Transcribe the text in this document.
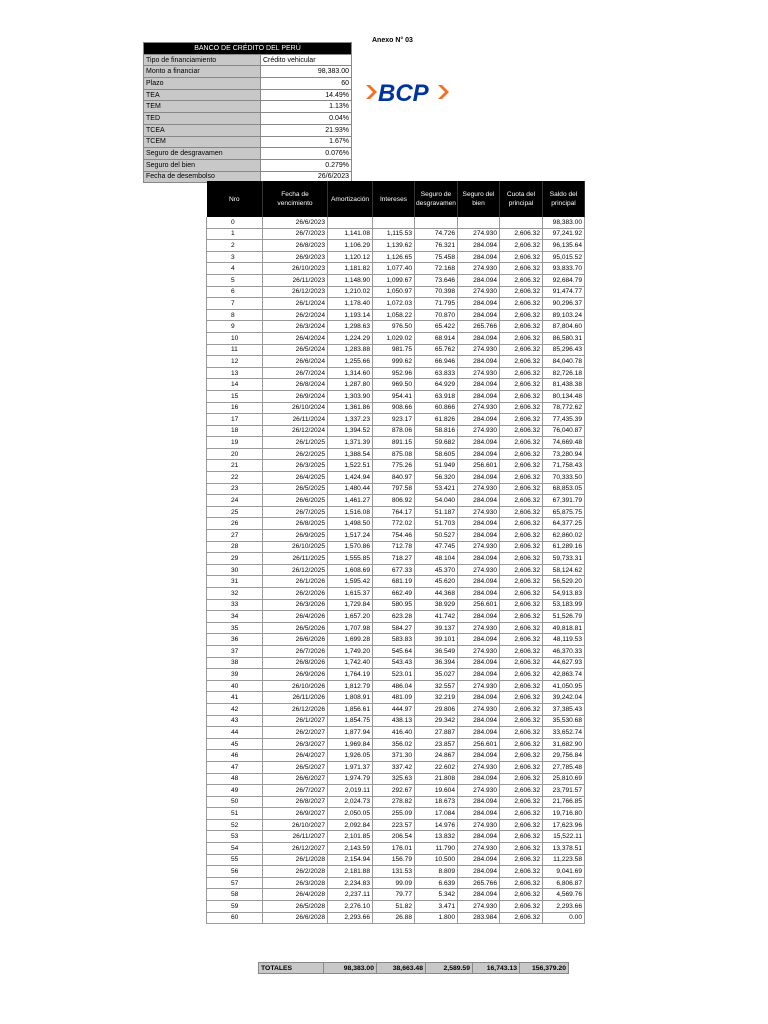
BANCO DE CRÉDITO DEL PERÚ	
Tipo de financiamiento	Crédito vehicular
Monto a financiar	98,383.00
Plazo	60
TEA	14.49%
TEM	1.13%
TED	0.04%
TCEA	21.93%
TCEM	1.67%
Seguro de desgravamen	0.076%
Seguro del bien	0.279%
Fecha de desembolso	26/6/2023
Anexo N° 03
BCP
Nro	Fecha de vencimiento	Amortización	Intereses	Seguro de desgravamen	Seguro del bien	Cuota del principal	Saldo del principal
0	26/6/2023						98,383.00
1	26/7/2023	1,141.08	1,115.53	74.726	274.930	2,606.32	97,241.92
2	26/8/2023	1,106.29	1,139.62	76.321	284.094	2,606.32	96,135.64
3	26/9/2023	1,120.12	1,126.65	75.458	284.094	2,606.32	95,015.52
4	26/10/2023	1,181.82	1,077.40	72.168	274.930	2,606.32	93,833.70
5	26/11/2023	1,148.90	1,099.67	73.646	284.094	2,606.32	92,684.79
6	26/12/2023	1,210.02	1,050.97	70.398	274.930	2,606.32	91,474.77
7	26/1/2024	1,178.40	1,072.03	71.795	284.094	2,606.32	90,296.37
8	26/2/2024	1,193.14	1,058.22	70.870	284.094	2,606.32	89,103.24
9	26/3/2024	1,298.63	976.50	65.422	265.766	2,606.32	87,804.60
10	26/4/2024	1,224.29	1,029.02	68.914	284.094	2,606.32	86,580.31
11	26/5/2024	1,283.88	981.75	65.762	274.930	2,606.32	85,296.43
12	26/6/2024	1,255.66	999.62	66.946	284.094	2,606.32	84,040.78
13	26/7/2024	1,314.60	952.96	63.833	274.930	2,606.32	82,726.18
14	26/8/2024	1,287.80	969.50	64.929	284.094	2,606.32	81,438.38
15	26/9/2024	1,303.90	954.41	63.918	284.094	2,606.32	80,134.48
16	26/10/2024	1,361.86	908.66	60.866	274.930	2,606.32	78,772.62
17	26/11/2024	1,337.23	923.17	61.826	284.094	2,606.32	77,435.39
18	26/12/2024	1,394.52	878.06	58.816	274.930	2,606.32	76,040.87
19	26/1/2025	1,371.39	891.15	59.682	284.094	2,606.32	74,669.48
20	26/2/2025	1,388.54	875.08	58.605	284.094	2,606.32	73,280.94
21	26/3/2025	1,522.51	775.26	51.949	256.601	2,606.32	71,758.43
22	26/4/2025	1,424.94	840.97	56.320	284.094	2,606.32	70,333.50
23	26/5/2025	1,480.44	797.58	53.421	274.930	2,606.32	68,853.05
24	26/6/2025	1,461.27	806.92	54.040	284.094	2,606.32	67,391.79
25	26/7/2025	1,516.08	764.17	51.187	274.930	2,606.32	65,875.75
26	26/8/2025	1,498.50	772.02	51.703	284.094	2,606.32	64,377.25
27	26/9/2025	1,517.24	754.46	50.527	284.094	2,606.32	62,860.02
28	26/10/2025	1,570.86	712.78	47.745	274.930	2,606.32	61,289.16
29	26/11/2025	1,555.85	718.27	48.104	284.094	2,606.32	59,733.31
30	26/12/2025	1,608.69	677.33	45.370	274.930	2,606.32	58,124.62
31	26/1/2026	1,595.42	681.19	45.620	284.094	2,606.32	56,529.20
32	26/2/2026	1,615.37	662.49	44.368	284.094	2,606.32	54,913.83
33	26/3/2026	1,729.84	580.95	38.929	256.601	2,606.32	53,183.99
34	26/4/2026	1,657.20	623.28	41.742	284.094	2,606.32	51,526.79
35	26/5/2026	1,707.98	584.27	39.137	274.930	2,606.32	49,818.81
36	26/6/2026	1,699.28	583.83	39.101	284.094	2,606.32	48,119.53
37	26/7/2026	1,749.20	545.64	36.549	274.930	2,606.32	46,370.33
38	26/8/2026	1,742.40	543.43	36.394	284.094	2,606.32	44,627.93
39	26/9/2026	1,764.19	523.01	35.027	284.094	2,606.32	42,863.74
40	26/10/2026	1,812.79	486.04	32.557	274.930	2,606.32	41,050.95
41	26/11/2026	1,808.91	481.09	32.219	284.094	2,606.32	39,242.04
42	26/12/2026	1,856.61	444.97	29.806	274.930	2,606.32	37,385.43
43	26/1/2027	1,854.75	438.13	29.342	284.094	2,606.32	35,530.68
44	26/2/2027	1,877.94	416.40	27.887	284.094	2,606.32	33,652.74
45	26/3/2027	1,969.84	356.02	23.857	256.601	2,606.32	31,682.90
46	26/4/2027	1,926.05	371.30	24.867	284.094	2,606.32	29,756.84
47	26/5/2027	1,971.37	337.42	22.602	274.930	2,606.32	27,785.48
48	26/6/2027	1,974.79	325.63	21.808	284.094	2,606.32	25,810.69
49	26/7/2027	2,019.11	292.67	19.604	274.930	2,606.32	23,791.57
50	26/8/2027	2,024.73	278.82	18.673	284.094	2,606.32	21,766.85
51	26/9/2027	2,050.05	255.09	17.084	284.094	2,606.32	19,716.80
52	26/10/2027	2,092.84	223.57	14.976	274.930	2,606.32	17,623.96
53	26/11/2027	2,101.85	206.54	13.832	284.094	2,606.32	15,522.11
54	26/12/2027	2,143.59	176.01	11.790	274.930	2,606.32	13,378.51
55	26/1/2028	2,154.94	156.79	10.500	284.094	2,606.32	11,223.58
56	26/2/2028	2,181.88	131.53	8.809	284.094	2,606.32	9,041.69
57	26/3/2028	2,234.83	99.09	6.639	265.766	2,606.32	6,806.87
58	26/4/2028	2,237.11	79.77	5.342	284.094	2,606.32	4,569.76
59	26/5/2028	2,276.10	51.82	3.471	274.930	2,606.32	2,293.66
60	26/6/2028	2,293.66	26.88	1.800	283.984	2,606.32	0.00
TOTALES	98,383.00	38,663.48	2,589.59	16,743.13	156,379.20
